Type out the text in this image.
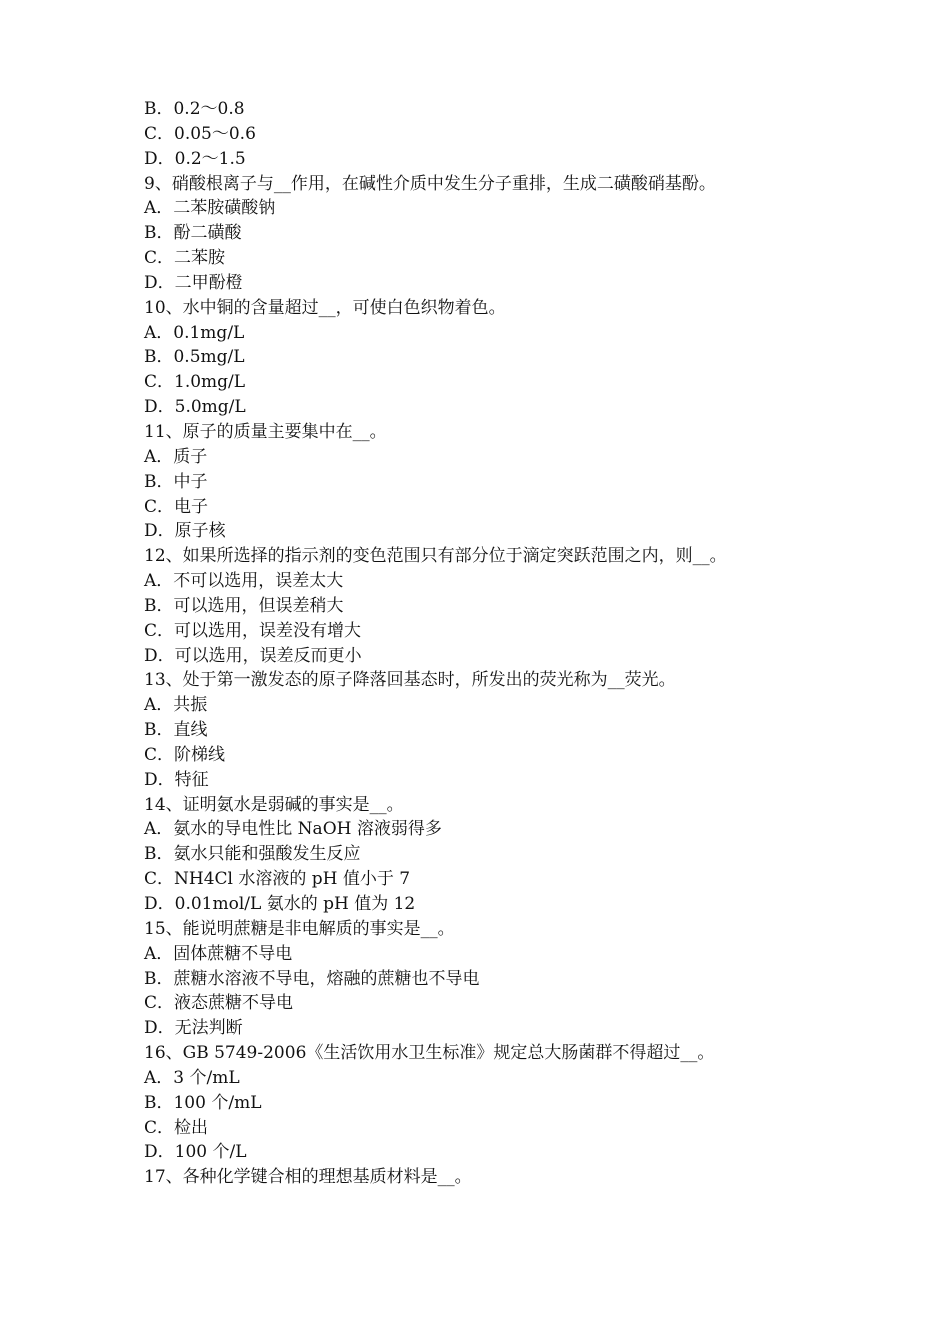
B．0.2～0.8
C．0.05～0.6
D．0.2～1.5
9、硝酸根离子与__作用，在碱性介质中发生分子重排，生成二磺酸硝基酚。
A．二苯胺磺酸钠
B．酚二磺酸
C．二苯胺
D．二甲酚橙
10、水中铜的含量超过__，可使白色织物着色。
A．0.1mg/L
B．0.5mg/L
C．1.0mg/L
D．5.0mg/L
11、原子的质量主要集中在__。
A．质子
B．中子
C．电子
D．原子核
12、如果所选择的指示剂的变色范围只有部分位于滴定突跃范围之内，则__。
A．不可以选用，误差太大
B．可以选用，但误差稍大
C．可以选用，误差没有增大
D．可以选用，误差反而更小
13、处于第一激发态的原子降落回基态时，所发出的荧光称为__荧光。
A．共振
B．直线
C．阶梯线
D．特征
14、证明氨水是弱碱的事实是__。
A．氨水的导电性比 NaOH 溶液弱得多
B．氨水只能和强酸发生反应
C．NH4Cl 水溶液的 pH 值小于 7
D．0.01mol/L 氨水的 pH 值为 12
15、能说明蔗糖是非电解质的事实是__。
A．固体蔗糖不导电
B．蔗糖水溶液不导电，熔融的蔗糖也不导电
C．液态蔗糖不导电
D．无法判断
16、GB 5749-2006《生活饮用水卫生标准》规定总大肠菌群不得超过__。
A．3 个/mL
B．100 个/mL
C．检出
D．100 个/L
17、各种化学键合相的理想基质材料是__。
